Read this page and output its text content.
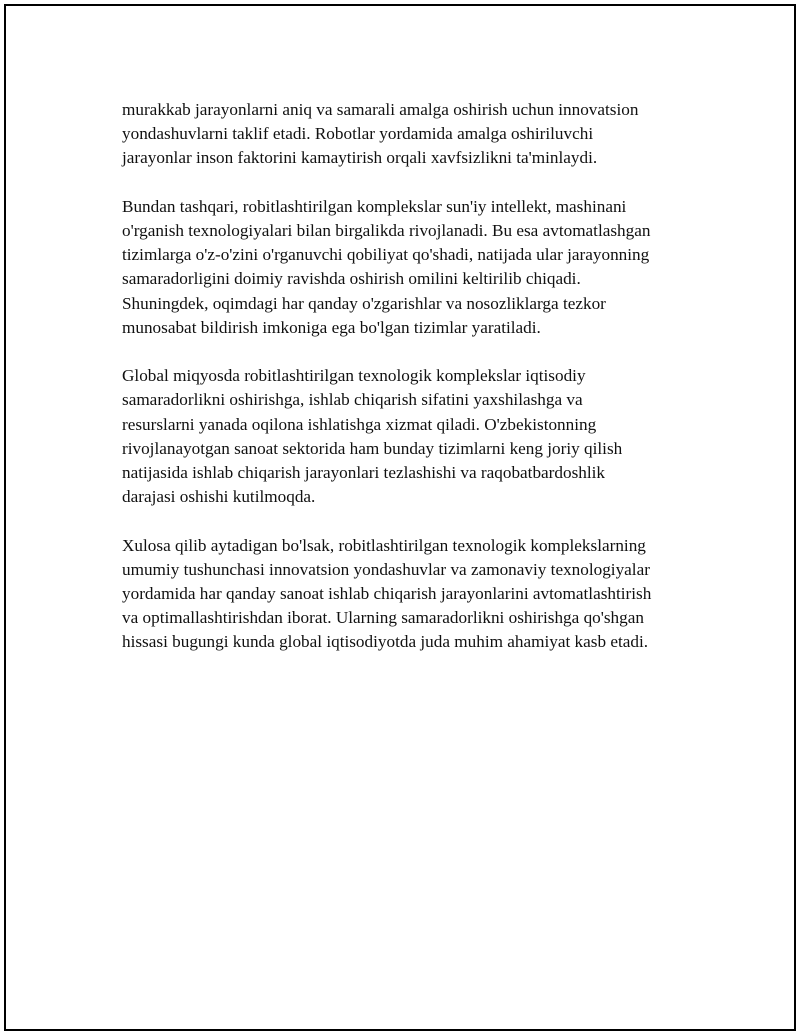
murakkab jarayonlarni aniq va samarali amalga oshirish uchun innovatsion
yondashuvlarni taklif etadi. Robotlar yordamida amalga oshiriluvchi
jarayonlar inson faktorini kamaytirish orqali xavfsizlikni ta'minlaydi.

Bundan tashqari, robitlashtirilgan komplekslar sun'iy intellekt, mashinani
o'rganish texnologiyalari bilan birgalikda rivojlanadi. Bu esa avtomatlashgan
tizimlarga o'z-o'zini o'rganuvchi qobiliyat qo'shadi, natijada ular jarayonning
samaradorligini doimiy ravishda oshirish omilini keltirilib chiqadi.
Shuningdek, oqimdagi har qanday o'zgarishlar va nosozliklarga tezkor
munosabat bildirish imkoniga ega bo'lgan tizimlar yaratiladi.

Global miqyosda robitlashtirilgan texnologik komplekslar iqtisodiy
samaradorlikni oshirishga, ishlab chiqarish sifatini yaxshilashga va
resurslarni yanada oqilona ishlatishga xizmat qiladi. O'zbekistonning
rivojlanayotgan sanoat sektorida ham bunday tizimlarni keng joriy qilish
natijasida ishlab chiqarish jarayonlari tezlashishi va raqobatbardoshlik
darajasi oshishi kutilmoqda.

Xulosa qilib aytadigan bo'lsak, robitlashtirilgan texnologik komplekslarning
umumiy tushunchasi innovatsion yondashuvlar va zamonaviy texnologiyalar
yordamida har qanday sanoat ishlab chiqarish jarayonlarini avtomatlashtirish
va optimallashtirishdan iborat. Ularning samaradorlikni oshirishga qo'shgan
hissasi bugungi kunda global iqtisodiyotda juda muhim ahamiyat kasb etadi.
